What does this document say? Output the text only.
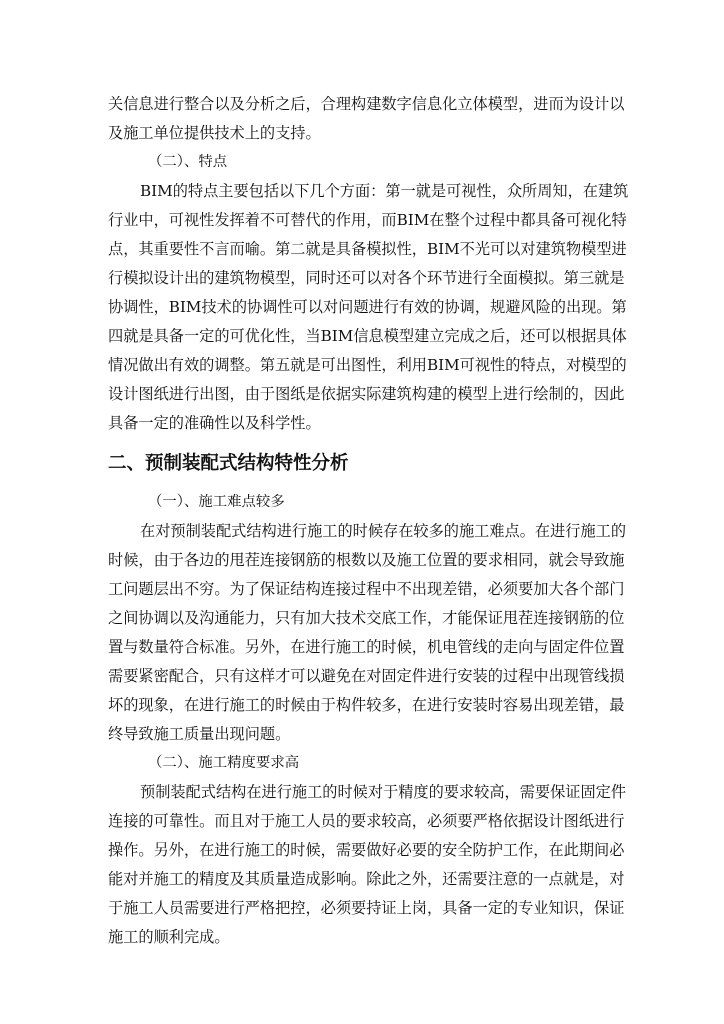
关信息进行整合以及分析之后，合理构建数字信息化立体模型，进而为设计以
及施工单位提供技术上的支持。
（二）、特点
BIM的特点主要包括以下几个方面：第一就是可视性，众所周知，在建筑
行业中，可视性发挥着不可替代的作用，而BIM在整个过程中都具备可视化特
点，其重要性不言而喻。第二就是具备模拟性，BIM不光可以对建筑物模型进
行模拟设计出的建筑物模型，同时还可以对各个环节进行全面模拟。第三就是
协调性，BIM技术的协调性可以对问题进行有效的协调，规避风险的出现。第
四就是具备一定的可优化性，当BIM信息模型建立完成之后，还可以根据具体
情况做出有效的调整。第五就是可出图性，利用BIM可视性的特点，对模型的
设计图纸进行出图，由于图纸是依据实际建筑构建的模型上进行绘制的，因此
具备一定的准确性以及科学性。
二、预制装配式结构特性分析
（一）、施工难点较多
在对预制装配式结构进行施工的时候存在较多的施工难点。在进行施工的
时候，由于各边的甩茬连接钢筋的根数以及施工位置的要求相同，就会导致施
工问题层出不穷。为了保证结构连接过程中不出现差错，必须要加大各个部门
之间协调以及沟通能力，只有加大技术交底工作，才能保证甩茬连接钢筋的位
置与数量符合标准。另外，在进行施工的时候，机电管线的走向与固定件位置
需要紧密配合，只有这样才可以避免在对固定件进行安装的过程中出现管线损
坏的现象，在进行施工的时候由于构件较多，在进行安装时容易出现差错，最
终导致施工质量出现问题。
（二）、施工精度要求高
预制装配式结构在进行施工的时候对于精度的要求较高，需要保证固定件
连接的可靠性。而且对于施工人员的要求较高，必须要严格依据设计图纸进行
操作。另外，在进行施工的时候，需要做好必要的安全防护工作，在此期间必
能对并施工的精度及其质量造成影响。除此之外，还需要注意的一点就是，对
于施工人员需要进行严格把控，必须要持证上岗，具备一定的专业知识，保证
施工的顺利完成。
